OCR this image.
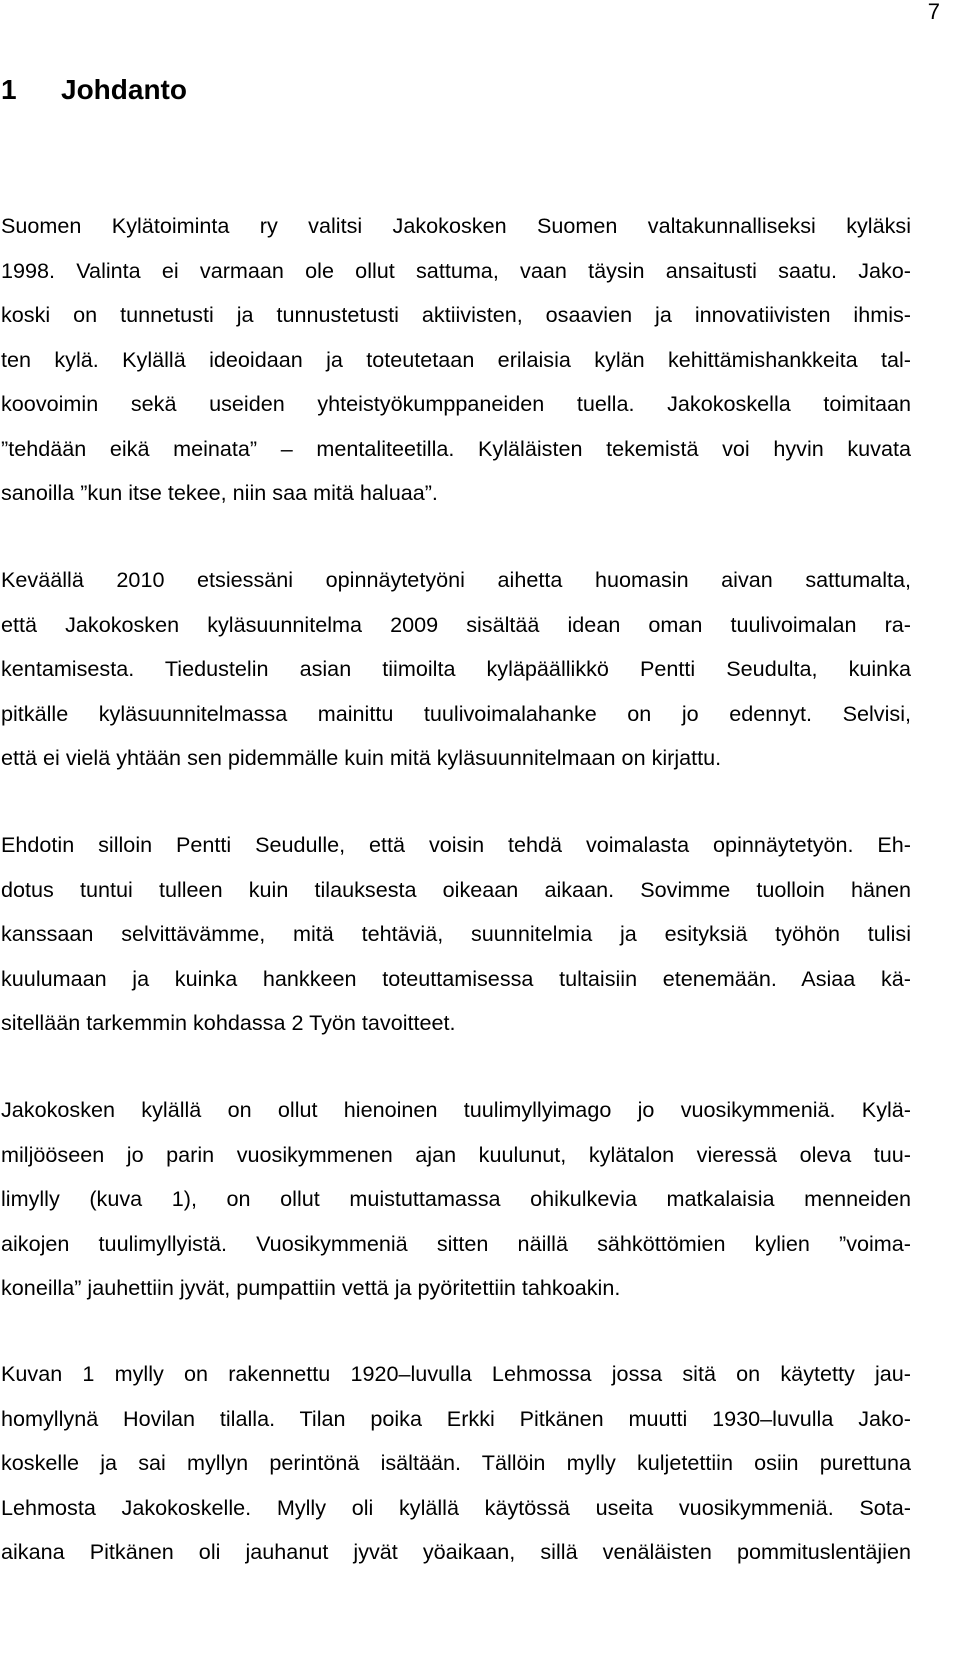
7
1 Johdanto
Suomen Kylätoiminta ry valitsi Jakokosken Suomen valtakunnalliseksi kyläksi
1998. Valinta ei varmaan ole ollut sattuma, vaan täysin ansaitusti saatu. Jako-
koski on tunnetusti ja tunnustetusti aktiivisten, osaavien ja innovatiivisten ihmis-
ten kylä. Kylällä ideoidaan ja toteutetaan erilaisia kylän kehittämishankkeita tal-
koovoimin sekä useiden yhteistyökumppaneiden tuella. Jakokoskella toimitaan
”tehdään eikä meinata” – mentaliteetilla. Kyläläisten tekemistä voi hyvin kuvata
sanoilla ”kun itse tekee, niin saa mitä haluaa”.
Keväällä 2010 etsiessäni opinnäytetyöni aihetta huomasin aivan sattumalta,
että Jakokosken kyläsuunnitelma 2009 sisältää idean oman tuulivoimalan ra-
kentamisesta. Tiedustelin asian tiimoilta kyläpäällikkö Pentti Seudulta, kuinka
pitkälle kyläsuunnitelmassa mainittu tuulivoimalahanke on jo edennyt. Selvisi,
että ei vielä yhtään sen pidemmälle kuin mitä kyläsuunnitelmaan on kirjattu.
Ehdotin silloin Pentti Seudulle, että voisin tehdä voimalasta opinnäytetyön. Eh-
dotus tuntui tulleen kuin tilauksesta oikeaan aikaan. Sovimme tuolloin hänen
kanssaan selvittävämme, mitä tehtäviä, suunnitelmia ja esityksiä työhön tulisi
kuulumaan ja kuinka hankkeen toteuttamisessa tultaisiin etenemään. Asiaa kä-
sitellään tarkemmin kohdassa 2 Työn tavoitteet.
Jakokosken kylällä on ollut hienoinen tuulimyllyimago jo vuosikymmeniä. Kylä-
miljööseen jo parin vuosikymmenen ajan kuulunut, kylätalon vieressä oleva tuu-
limylly (kuva 1), on ollut muistuttamassa ohikulkevia matkalaisia menneiden
aikojen tuulimyllyistä. Vuosikymmeniä sitten näillä sähköttömien kylien ”voima-
koneilla” jauhettiin jyvät, pumpattiin vettä ja pyöritettiin tahkoakin.
Kuvan 1 mylly on rakennettu 1920–luvulla Lehmossa jossa sitä on käytetty jau-
homyllynä Hovilan tilalla. Tilan poika Erkki Pitkänen muutti 1930–luvulla Jako-
koskelle ja sai myllyn perintönä isältään. Tällöin mylly kuljetettiin osiin purettuna
Lehmosta Jakokoskelle. Mylly oli kylällä käytössä useita vuosikymmeniä. Sota-
aikana Pitkänen oli jauhanut jyvät yöaikaan, sillä venäläisten pommituslentäjien
